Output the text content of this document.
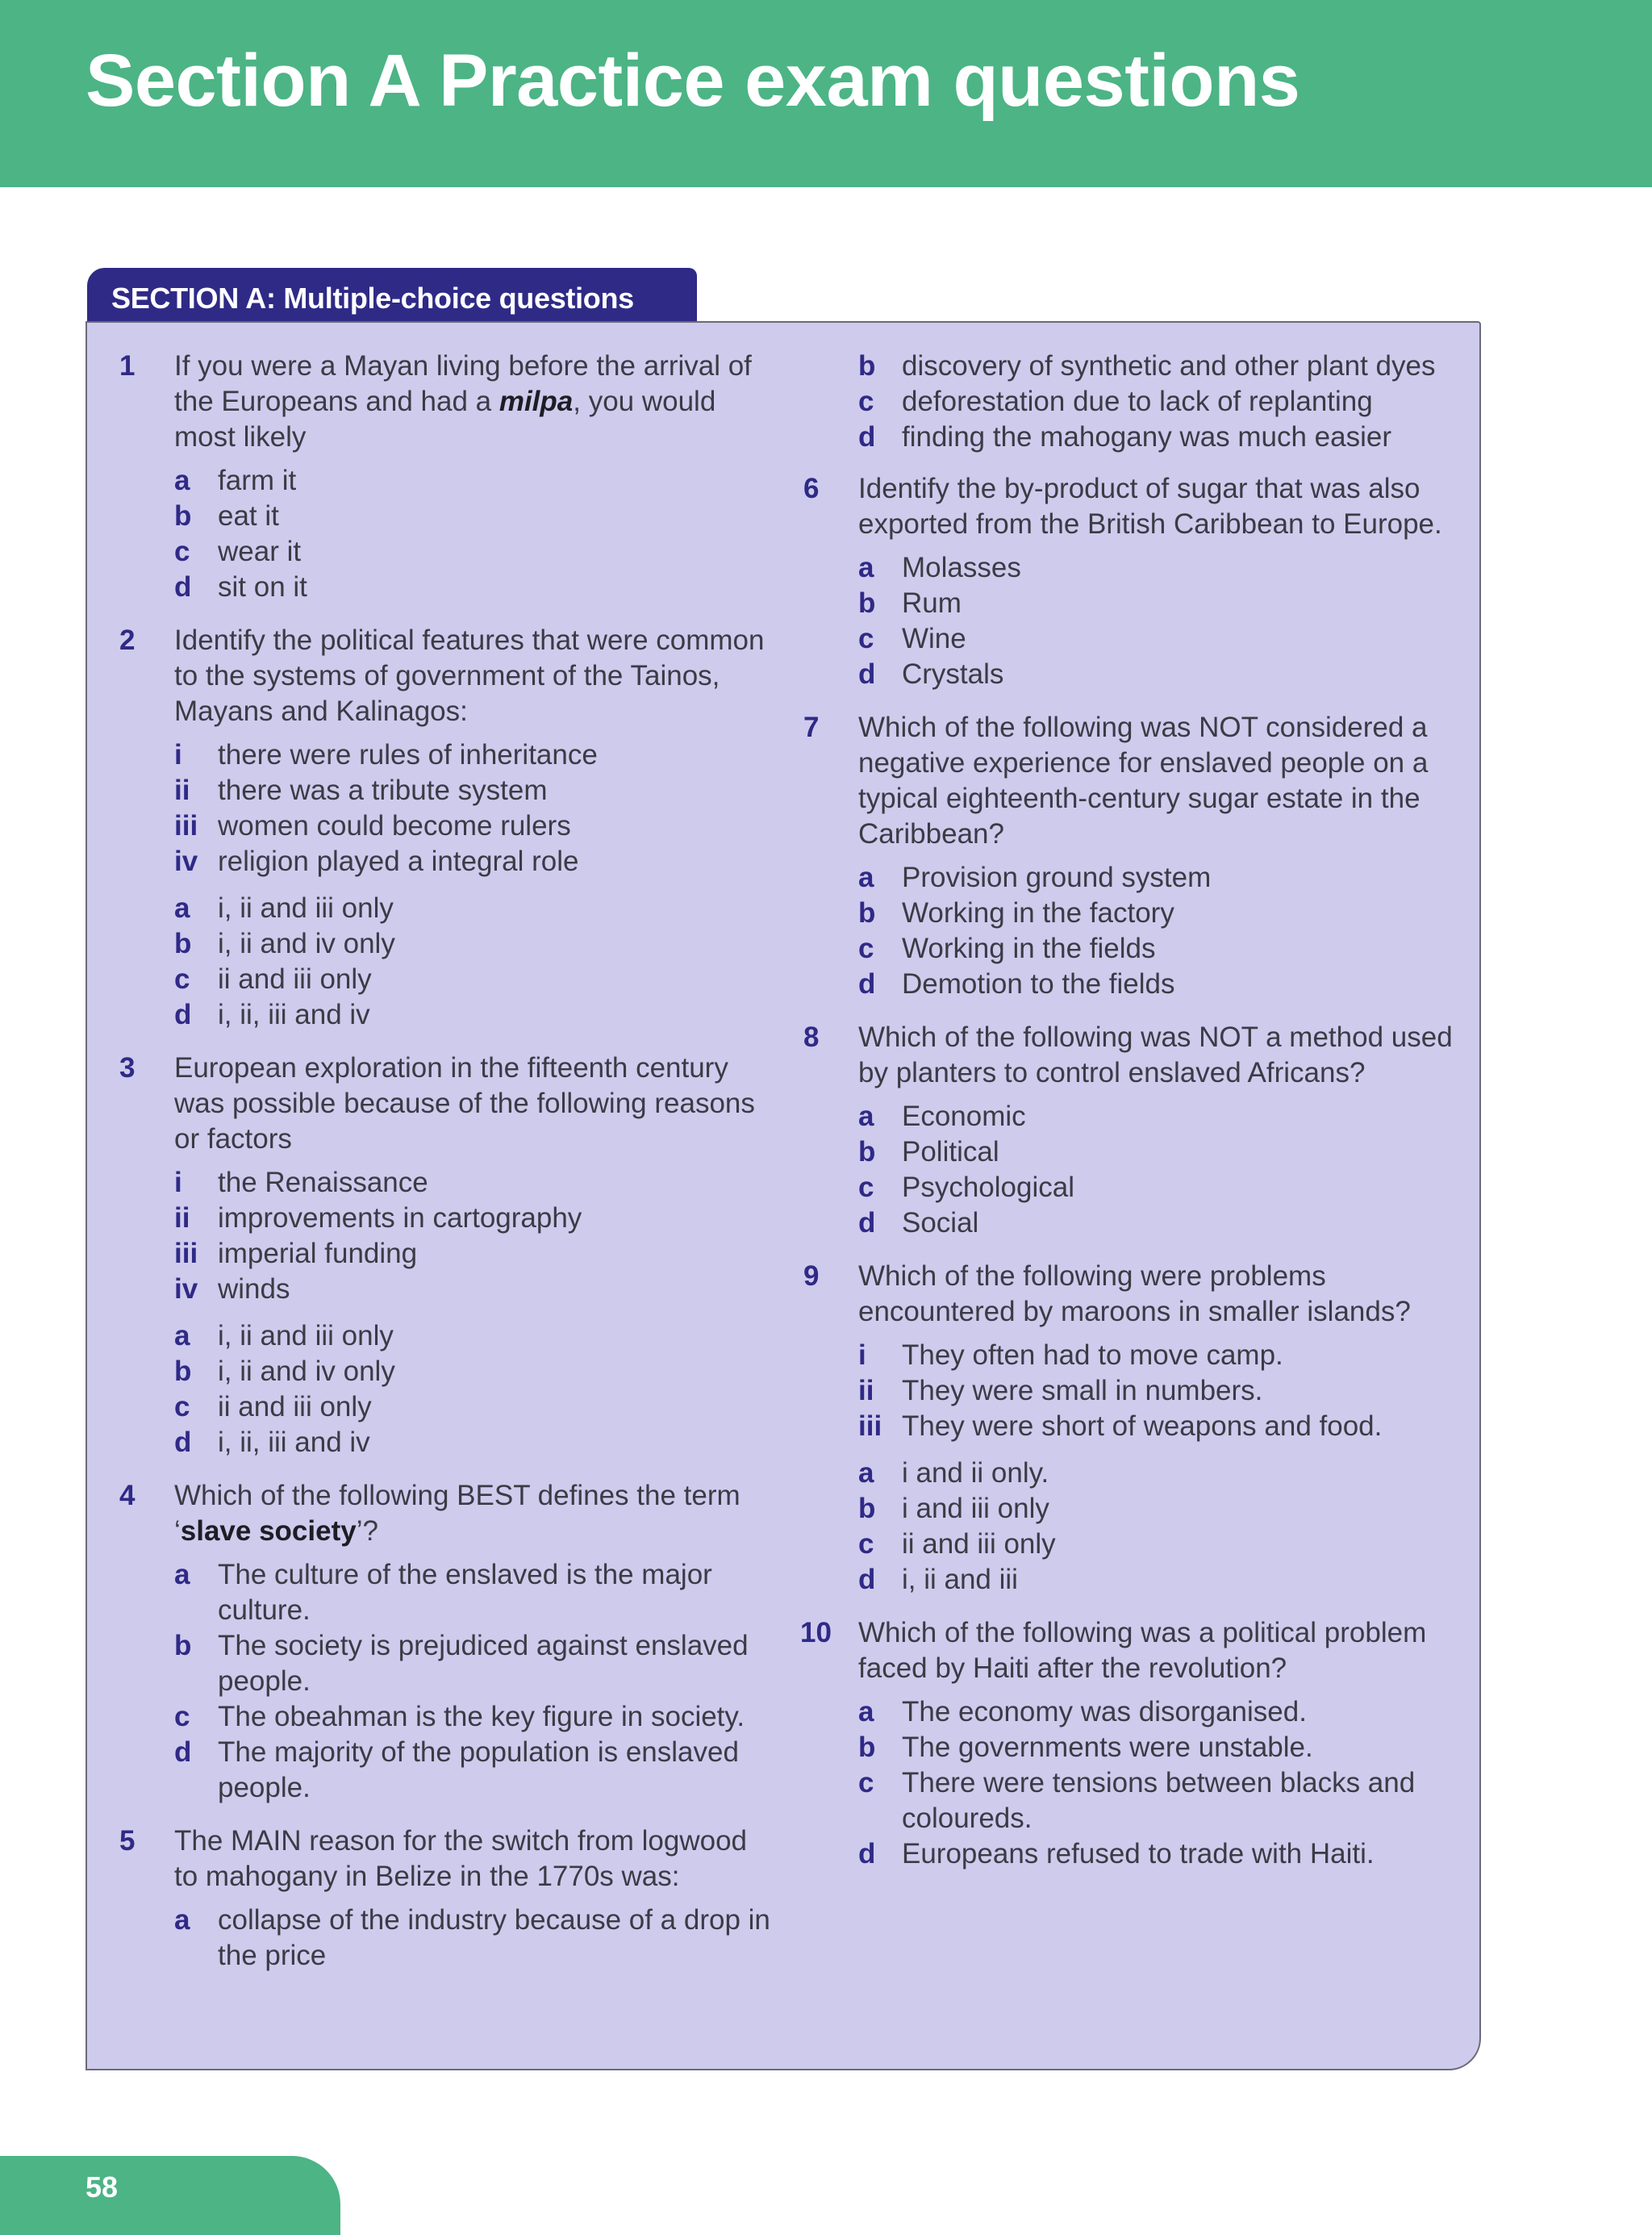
Section A Practice exam questions
SECTION A: Multiple-choice questions
1 If you were a Mayan living before the arrival of the Europeans and had a milpa, you would most likely
a farm it
b eat it
c wear it
d sit on it
2 Identify the political features that were common to the systems of government of the Tainos, Mayans and Kalinagos:
i there were rules of inheritance
ii there was a tribute system
iii women could become rulers
iv religion played a integral role
a i, ii and iii only
b i, ii and iv only
c ii and iii only
d i, ii, iii and iv
3 European exploration in the fifteenth century was possible because of the following reasons or factors
i the Renaissance
ii improvements in cartography
iii imperial funding
iv winds
a i, ii and iii only
b i, ii and iv only
c ii and iii only
d i, ii, iii and iv
4 Which of the following BEST defines the term ‘slave society’?
a The culture of the enslaved is the major culture.
b The society is prejudiced against enslaved people.
c The obeahman is the key figure in society.
d The majority of the population is enslaved people.
5 The MAIN reason for the switch from logwood to mahogany in Belize in the 1770s was:
a collapse of the industry because of a drop in the price
b discovery of synthetic and other plant dyes
c deforestation due to lack of replanting
d finding the mahogany was much easier
6 Identify the by-product of sugar that was also exported from the British Caribbean to Europe.
a Molasses
b Rum
c Wine
d Crystals
7 Which of the following was NOT considered a negative experience for enslaved people on a typical eighteenth-century sugar estate in the Caribbean?
a Provision ground system
b Working in the factory
c Working in the fields
d Demotion to the fields
8 Which of the following was NOT a method used by planters to control enslaved Africans?
a Economic
b Political
c Psychological
d Social
9 Which of the following were problems encountered by maroons in smaller islands?
i They often had to move camp.
ii They were small in numbers.
iii They were short of weapons and food.
a i and ii only.
b i and iii only
c ii and iii only
d i, ii and iii
10 Which of the following was a political problem faced by Haiti after the revolution?
a The economy was disorganised.
b The governments were unstable.
c There were tensions between blacks and coloureds.
d Europeans refused to trade with Haiti.
58
